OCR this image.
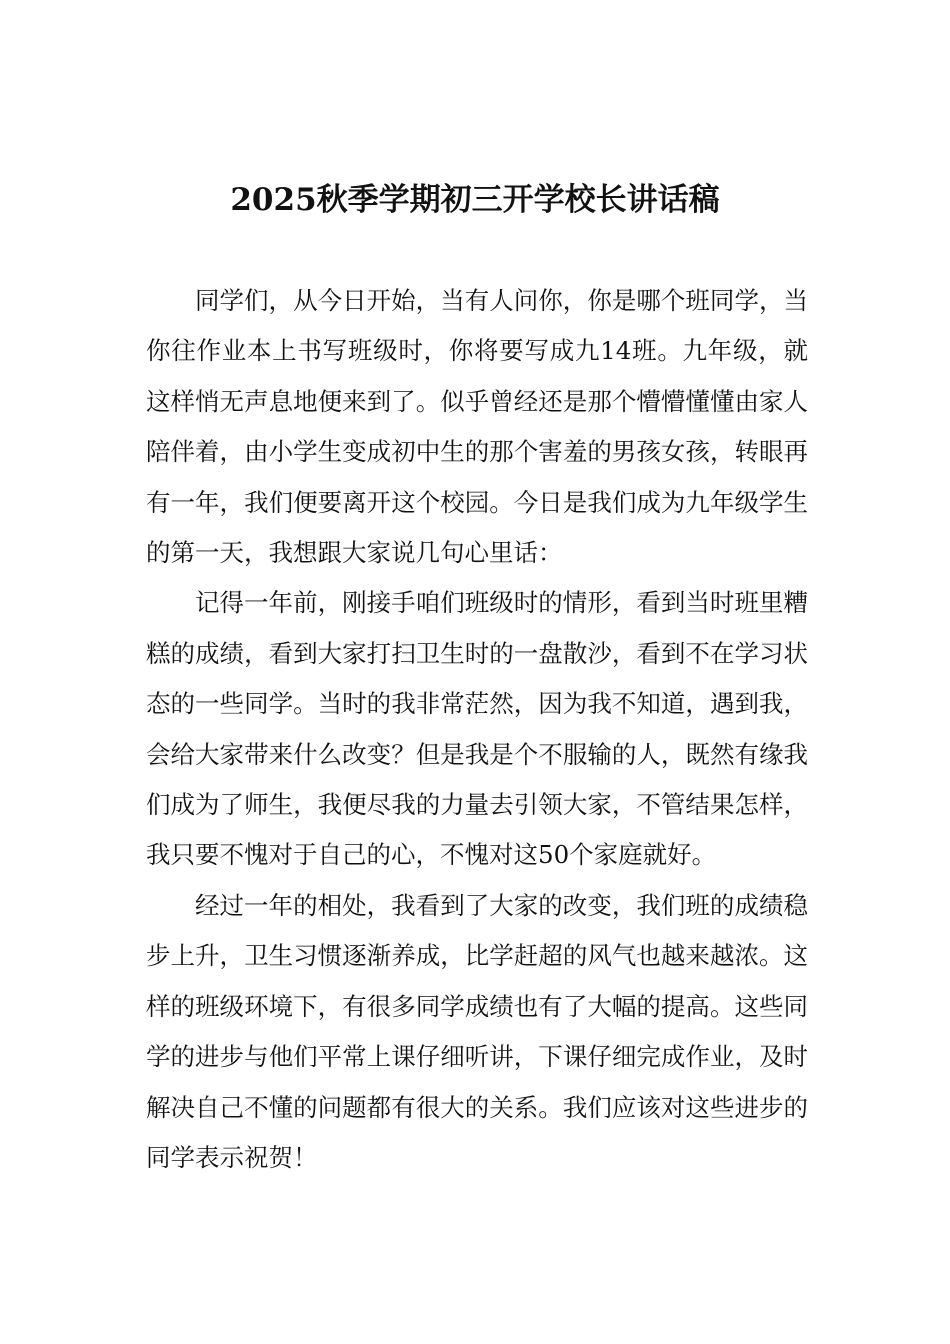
2025秋季学期初三开学校长讲话稿

同学们，从今日开始，当有人问你，你是哪个班同学，当你往作业本上书写班级时，你将要写成九14班。九年级，就这样悄无声息地便来到了。似乎曾经还是那个懵懵懂懂由家人陪伴着，由小学生变成初中生的那个害羞的男孩女孩，转眼再有一年，我们便要离开这个校园。今日是我们成为九年级学生的第一天，我想跟大家说几句心里话：

记得一年前，刚接手咱们班级时的情形，看到当时班里糟糕的成绩，看到大家打扫卫生时的一盘散沙，看到不在学习状态的一些同学。当时的我非常茫然，因为我不知道，遇到我，会给大家带来什么改变？但是我是个不服输的人，既然有缘我们成为了师生，我便尽我的力量去引领大家，不管结果怎样，我只要不愧对于自己的心，不愧对这50个家庭就好。

经过一年的相处，我看到了大家的改变，我们班的成绩稳步上升，卫生习惯逐渐养成，比学赶超的风气也越来越浓。这样的班级环境下，有很多同学成绩也有了大幅的提高。这些同学的进步与他们平常上课仔细听讲，下课仔细完成作业，及时解决自己不懂的问题都有很大的关系。我们应该对这些进步的同学表示祝贺！
